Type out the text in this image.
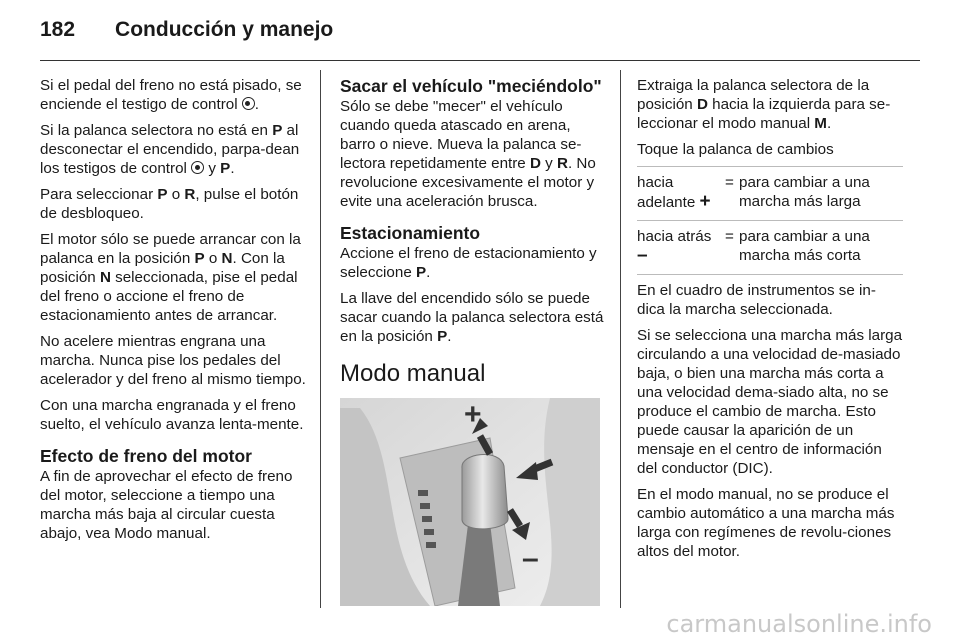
182 Conducción y manejo

Si el pedal del freno no está pisado, se enciende el testigo de control .

Si la palanca selectora no está en P al desconectar el encendido, parpa-dean los testigos de control  y P.

Para seleccionar P o R, pulse el botón de desbloqueo.

El motor sólo se puede arrancar con la palanca en la posición P o N. Con la posición N seleccionada, pise el pedal del freno o accione el freno de estacionamiento antes de arrancar.

No acelere mientras engrana una marcha. Nunca pise los pedales del acelerador y del freno al mismo tiempo.

Con una marcha engranada y el freno suelto, el vehículo avanza lenta-mente.

Efecto de freno del motor

A fin de aprovechar el efecto de freno del motor, seleccione a tiempo una marcha más baja al circular cuesta abajo, vea Modo manual.

Sacar el vehículo "meciéndolo"

Sólo se debe "mecer" el vehículo cuando queda atascado en arena, barro o nieve. Mueva la palanca se-lectora repetidamente entre D y R. No revolucione excesivamente el motor y evite una aceleración brusca.

Estacionamiento

Accione el freno de estacionamiento y seleccione P.

La llave del encendido sólo se puede sacar cuando la palanca selectora está en la posición P.

Modo manual
+
–

Extraiga la palanca selectora de la posición D hacia la izquierda para se-leccionar el modo manual M.

Toque la palanca de cambios

hacia adelante +
= para cambiar a una marcha más larga
hacia atrás –
= para cambiar a una marcha más corta

En el cuadro de instrumentos se in-dica la marcha seleccionada.

Si se selecciona una marcha más larga circulando a una velocidad de-masiado baja, o bien una marcha más corta a una velocidad dema-siado alta, no se produce el cambio de marcha. Esto puede causar la aparición de un mensaje en el centro de información del conductor (DIC).

En el modo manual, no se produce el cambio automático a una marcha más larga con regímenes de revolu-ciones altos del motor.

carmanualsonline.info
